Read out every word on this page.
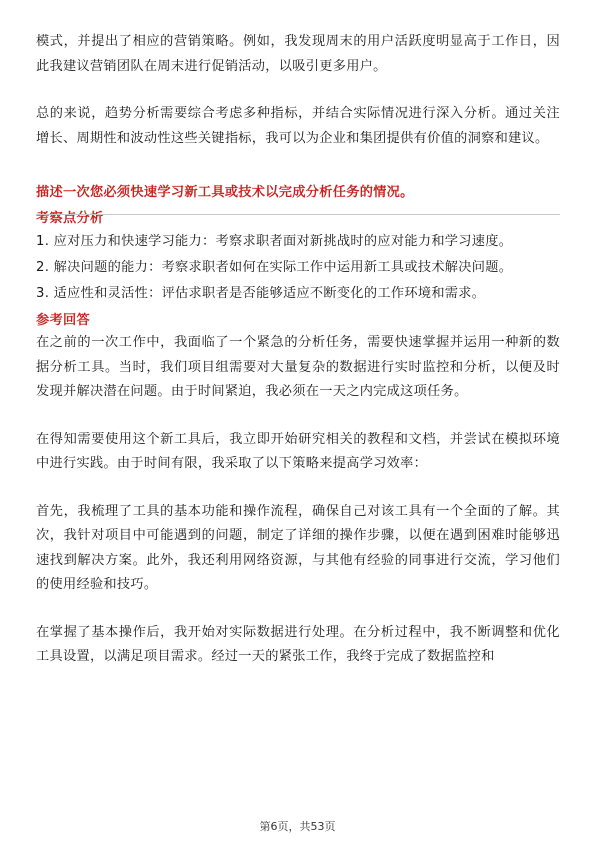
模式，并提出了相应的营销策略。例如，我发现周末的用户活跃度明显高于工作日，因此我建议营销团队在周末进行促销活动，以吸引更多用户。

总的来说，趋势分析需要综合考虑多种指标，并结合实际情况进行深入分析。通过关注增长、周期性和波动性这些关键指标，我可以为企业和集团提供有价值的洞察和建议。

描述一次您必须快速学习新工具或技术以完成分析任务的情况。

考察点分析

1. 应对压力和快速学习能力：考察求职者面对新挑战时的应对能力和学习速度。

2. 解决问题的能力：考察求职者如何在实际工作中运用新工具或技术解决问题。

3. 适应性和灵活性：评估求职者是否能够适应不断变化的工作环境和需求。

参考回答

在之前的一次工作中，我面临了一个紧急的分析任务，需要快速掌握并运用一种新的数据分析工具。当时，我们项目组需要对大量复杂的数据进行实时监控和分析，以便及时发现并解决潜在问题。由于时间紧迫，我必须在一天之内完成这项任务。

在得知需要使用这个新工具后，我立即开始研究相关的教程和文档，并尝试在模拟环境中进行实践。由于时间有限，我采取了以下策略来提高学习效率：

首先，我梳理了工具的基本功能和操作流程，确保自己对该工具有一个全面的了解。其次，我针对项目中可能遇到的问题，制定了详细的操作步骤，以便在遇到困难时能够迅速找到解决方案。此外，我还利用网络资源，与其他有经验的同事进行交流，学习他们的使用经验和技巧。

在掌握了基本操作后，我开始对实际数据进行处理。在分析过程中，我不断调整和优化工具设置，以满足项目需求。经过一天的紧张工作，我终于完成了数据监控和

第6页，共53页
